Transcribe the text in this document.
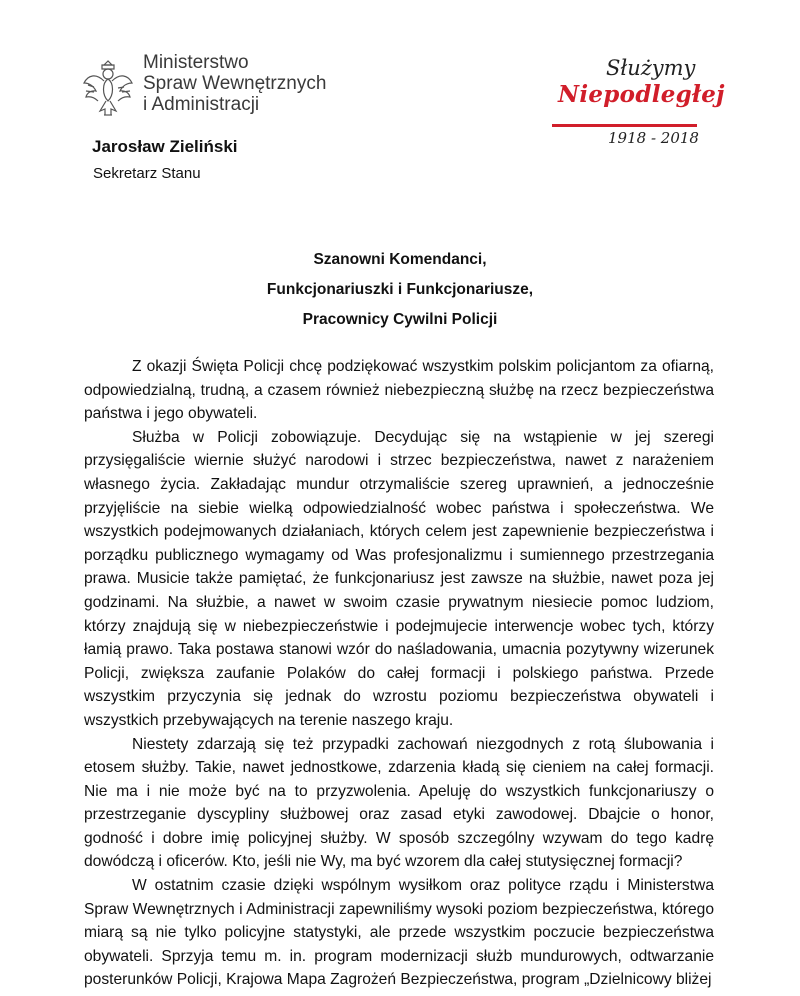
Ministerstwo
Spraw Wewnętrznych
i Administracji
Jarosław Zieliński
Sekretarz Stanu
Służymy
Niepodległej
1918 - 2018
Szanowni Komendanci,
Funkcjonariuszki i Funkcjonariusze,
Pracownicy Cywilni Policji

Z okazji Święta Policji chcę podziękować wszystkim polskim policjantom za ofiarną, odpowiedzialną, trudną, a czasem również niebezpieczną służbę na rzecz bezpieczeństwa państwa i jego obywateli.

Służba w Policji zobowiązuje. Decydując się na wstąpienie w jej szeregi przysięgaliście wiernie służyć narodowi i strzec bezpieczeństwa, nawet z narażeniem własnego życia. Zakładając mundur otrzymaliście szereg uprawnień, a jednocześnie przyjęliście na siebie wielką odpowiedzialność wobec państwa i społeczeństwa. We wszystkich podejmowanych działaniach, których celem jest zapewnienie bezpieczeństwa i porządku publicznego wymagamy od Was profesjonalizmu i sumiennego przestrzegania prawa. Musicie także pamiętać, że funkcjonariusz jest zawsze na służbie, nawet poza jej godzinami. Na służbie, a nawet w swoim czasie prywatnym niesiecie pomoc ludziom, którzy znajdują się w niebezpieczeństwie i podejmujecie interwencje wobec tych, którzy łamią prawo. Taka postawa stanowi wzór do naśladowania, umacnia pozytywny wizerunek Policji, zwiększa zaufanie Polaków do całej formacji i polskiego państwa. Przede wszystkim przyczynia się jednak do wzrostu poziomu bezpieczeństwa obywateli i wszystkich przebywających na terenie naszego kraju.

Niestety zdarzają się też przypadki zachowań niezgodnych z rotą ślubowania i etosem służby. Takie, nawet jednostkowe, zdarzenia kładą się cieniem na całej formacji. Nie ma i nie może być na to przyzwolenia. Apeluję do wszystkich funkcjonariuszy o przestrzeganie dyscypliny służbowej oraz zasad etyki zawodowej. Dbajcie o honor, godność i dobre imię policyjnej służby. W sposób szczególny wzywam do tego kadrę dowódczą i oficerów. Kto, jeśli nie Wy, ma być wzorem dla całej stutysięcznej formacji?

W ostatnim czasie dzięki wspólnym wysiłkom oraz polityce rządu i Ministerstwa Spraw Wewnętrznych i Administracji zapewniliśmy wysoki poziom bezpieczeństwa, którego miarą są nie tylko policyjne statystyki, ale przede wszystkim poczucie bezpieczeństwa obywateli. Sprzyja temu m. in. program modernizacji służb mundurowych, odtwarzanie posterunków Policji, Krajowa Mapa Zagrożeń Bezpieczeństwa, program „Dzielnicowy bliżej
